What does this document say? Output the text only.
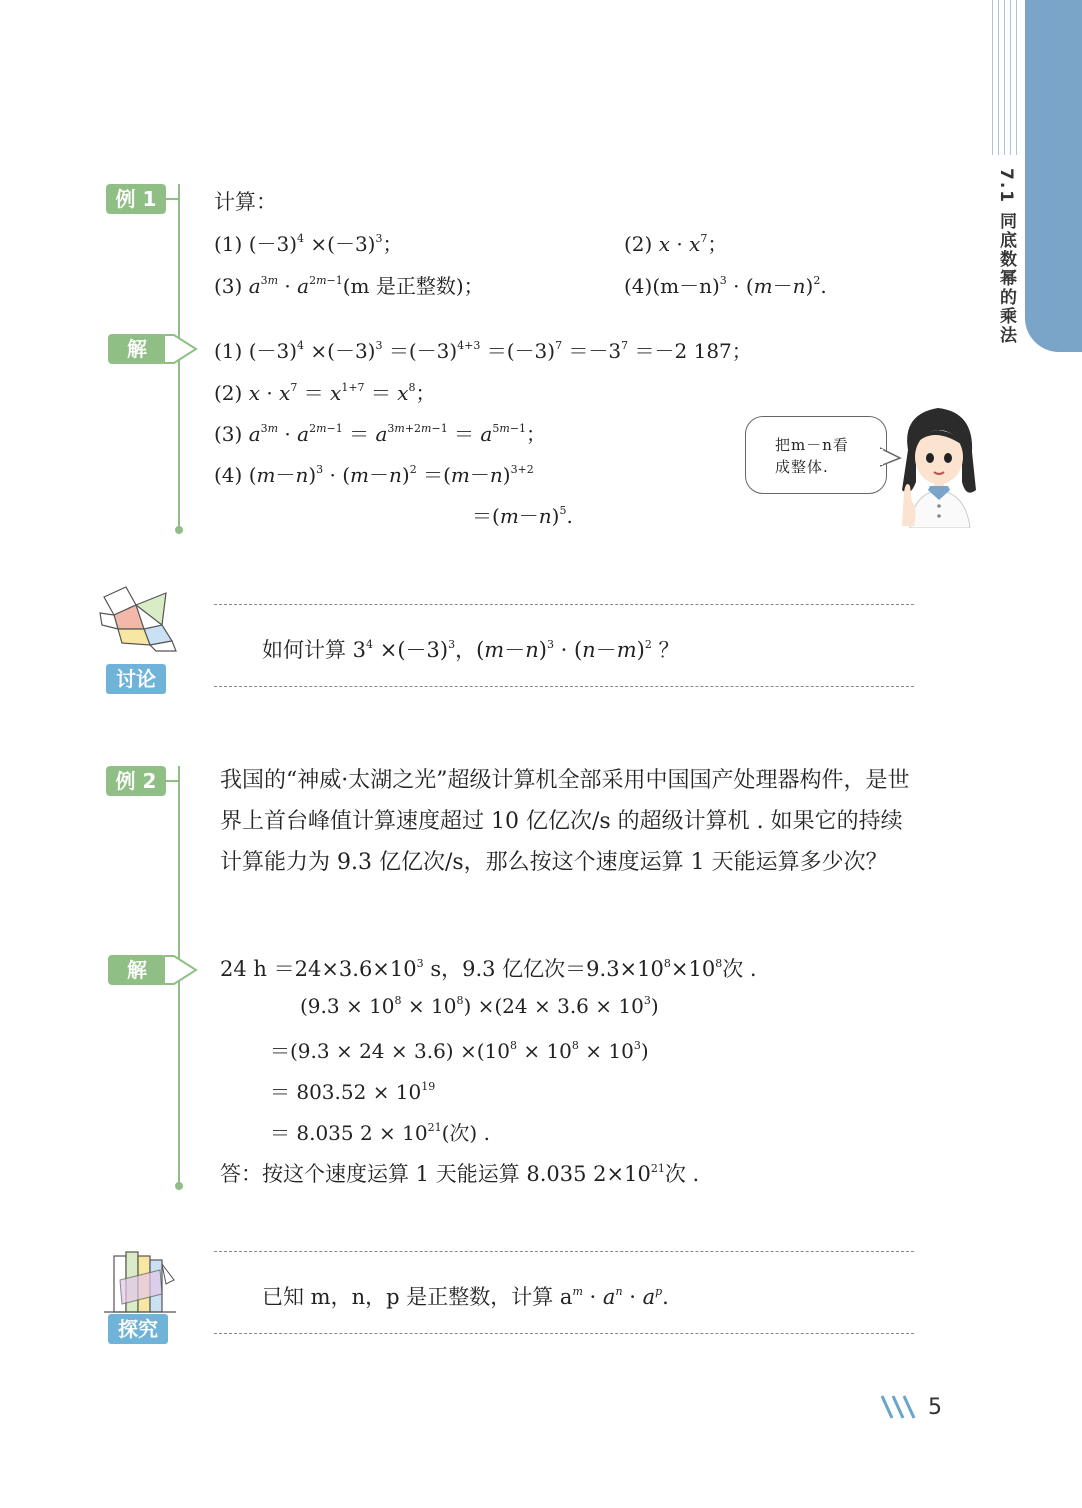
7.1 同底数幂的乘法
例 1	计算：
(1) $(-3)^4 \times(-3)^3$；	(2) $x \cdot x^7$；
(3) $a^{3m} \cdot a^{2m-1}(m$ 是正整数)；	$(4)(m-n)^3 \cdot (m-n)^2$.
解	(1) $(-3)^4 \times(-3)^3 =(-3)^{4+3} =(-3)^7 =-3^7 =-2$ 187；
(2) $x \cdot x^7 = x^{1+7} = x^8$；
(3) $a^{3m} \cdot a^{2m-1} = a^{3m+2m-1} = a^{5m-1}$；
(4) $(m-n)^3 \cdot (m-n)^2 =(m-n)^{3+2}$
$=(m-n)^5$.
把m－n看
成整体.
讨论
如何计算 $3^4 \times(-3)^3$，$(m-n)^3 \cdot (n-m)^2$ ？
例 2	我国的“神威·太湖之光”超级计算机全部采用中国国产处理器构件，是世界上首台峰值计算速度超过 10 亿亿次/s 的超级计算机 . 如果它的持续计算能力为 9.3 亿亿次/s，那么按这个速度运算 1 天能运算多少次？
解	24 $h =24\times 3.6\times 10^3$ s，9.3 亿亿次$=9.3\times 10^8\times 10^8$次 .
$(9.3 \times 10^8 \times 10^8) \times(24 \times 3.6 \times 10^3)$
$=(9.3 \times 24 \times 3.6) \times(10^8 \times 10^8 \times 10^3)$
＝ $803.52 \times 10^{19}$
＝ 8.035 $2 \times 10^{21}$(次) .
答：按这个速度运算 1 天能运算 8.035 $2\times 10^{21}$次 .
探究
已知 m，n，p 是正整数，计算 $a^m \cdot a^n \cdot a^p$.
5
